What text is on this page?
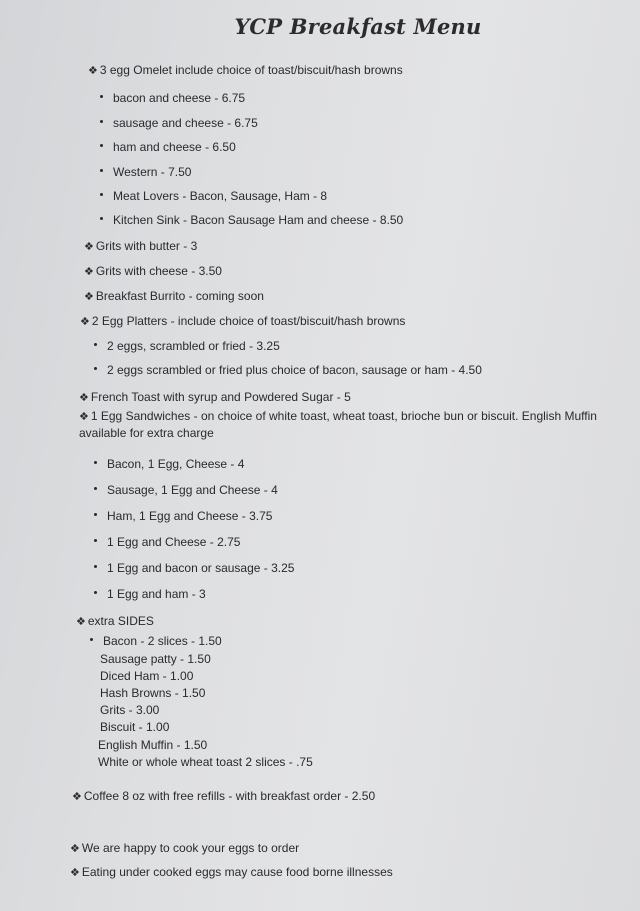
YCP Breakfast Menu
❖ 3 egg Omelet include choice of toast/biscuit/hash browns
bacon and cheese - 6.75
sausage and cheese - 6.75
ham and cheese - 6.50
Western - 7.50
Meat Lovers - Bacon, Sausage, Ham - 8
Kitchen Sink - Bacon Sausage Ham and cheese - 8.50
❖ Grits with butter - 3
❖ Grits with cheese - 3.50
❖ Breakfast Burrito - coming soon
❖ 2 Egg Platters - include choice of toast/biscuit/hash browns
2 eggs, scrambled or fried - 3.25
2 eggs scrambled or fried plus choice of bacon, sausage or ham - 4.50
❖ French Toast with syrup and Powdered Sugar - 5
❖ 1 Egg Sandwiches - on choice of white toast, wheat toast, brioche bun or biscuit. English Muffin available for extra charge
Bacon, 1 Egg, Cheese - 4
Sausage, 1 Egg and Cheese - 4
Ham, 1 Egg and Cheese - 3.75
1 Egg and Cheese - 2.75
1 Egg and bacon or sausage - 3.25
1 Egg and ham - 3
❖ extra SIDES
Bacon - 2 slices - 1.50
Sausage patty - 1.50
Diced Ham - 1.00
Hash Browns - 1.50
Grits - 3.00
Biscuit - 1.00
English Muffin - 1.50
White or whole wheat toast 2 slices - .75
❖ Coffee 8 oz with free refills - with breakfast order - 2.50
❖ We are happy to cook your eggs to order
❖ Eating under cooked eggs may cause food borne illnesses
